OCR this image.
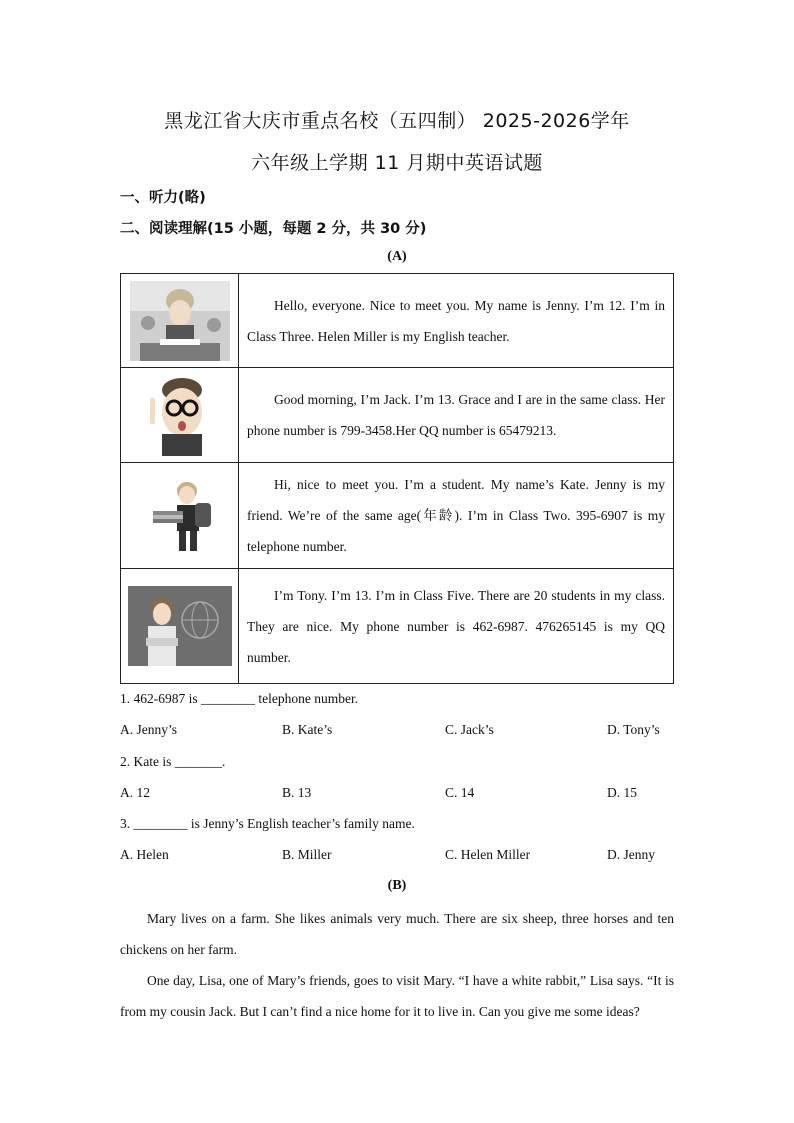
黑龙江省大庆市重点名校（五四制） 2025-2026学年
六年级上学期 11 月期中英语试题
一、听力(略)
二、阅读理解(15 小题，每题 2 分，共 30 分)
(A)

Hello, everyone. Nice to meet you. My name is Jenny. I’m 12. I’m in Class Three. Helen Miller is my English teacher.

Good morning, I’m Jack. I’m 13. Grace and I are in the same class. Her phone number is 799-3458.Her QQ number is 65479213.

Hi, nice to meet you. I’m a student. My name’s Kate. Jenny is my friend. We’re of the same age(年龄). I’m in Class Two. 395-6907 is my telephone number.

I’m Tony. I’m 13. I’m in Class Five. There are 20 students in my class. They are nice. My phone number is 462-6987. 476265145 is my QQ number.

1. 462-6987 is ________ telephone number.
A. Jenny’s	B. Kate’s	C. Jack’s	D. Tony’s
2. Kate is _______.
A. 12	B. 13	C. 14	D. 15
3. ________ is Jenny’s English teacher’s family name.
A. Helen	B. Miller	C. Helen Miller	D. Jenny
(B)
Mary lives on a farm. She likes animals very much. There are six sheep, three horses and ten chickens on her farm.
One day, Lisa, one of Mary’s friends, goes to visit Mary. “I have a white rabbit,” Lisa says. “It is from my cousin Jack. But I can’t find a nice home for it to live in. Can you give me some ideas?
